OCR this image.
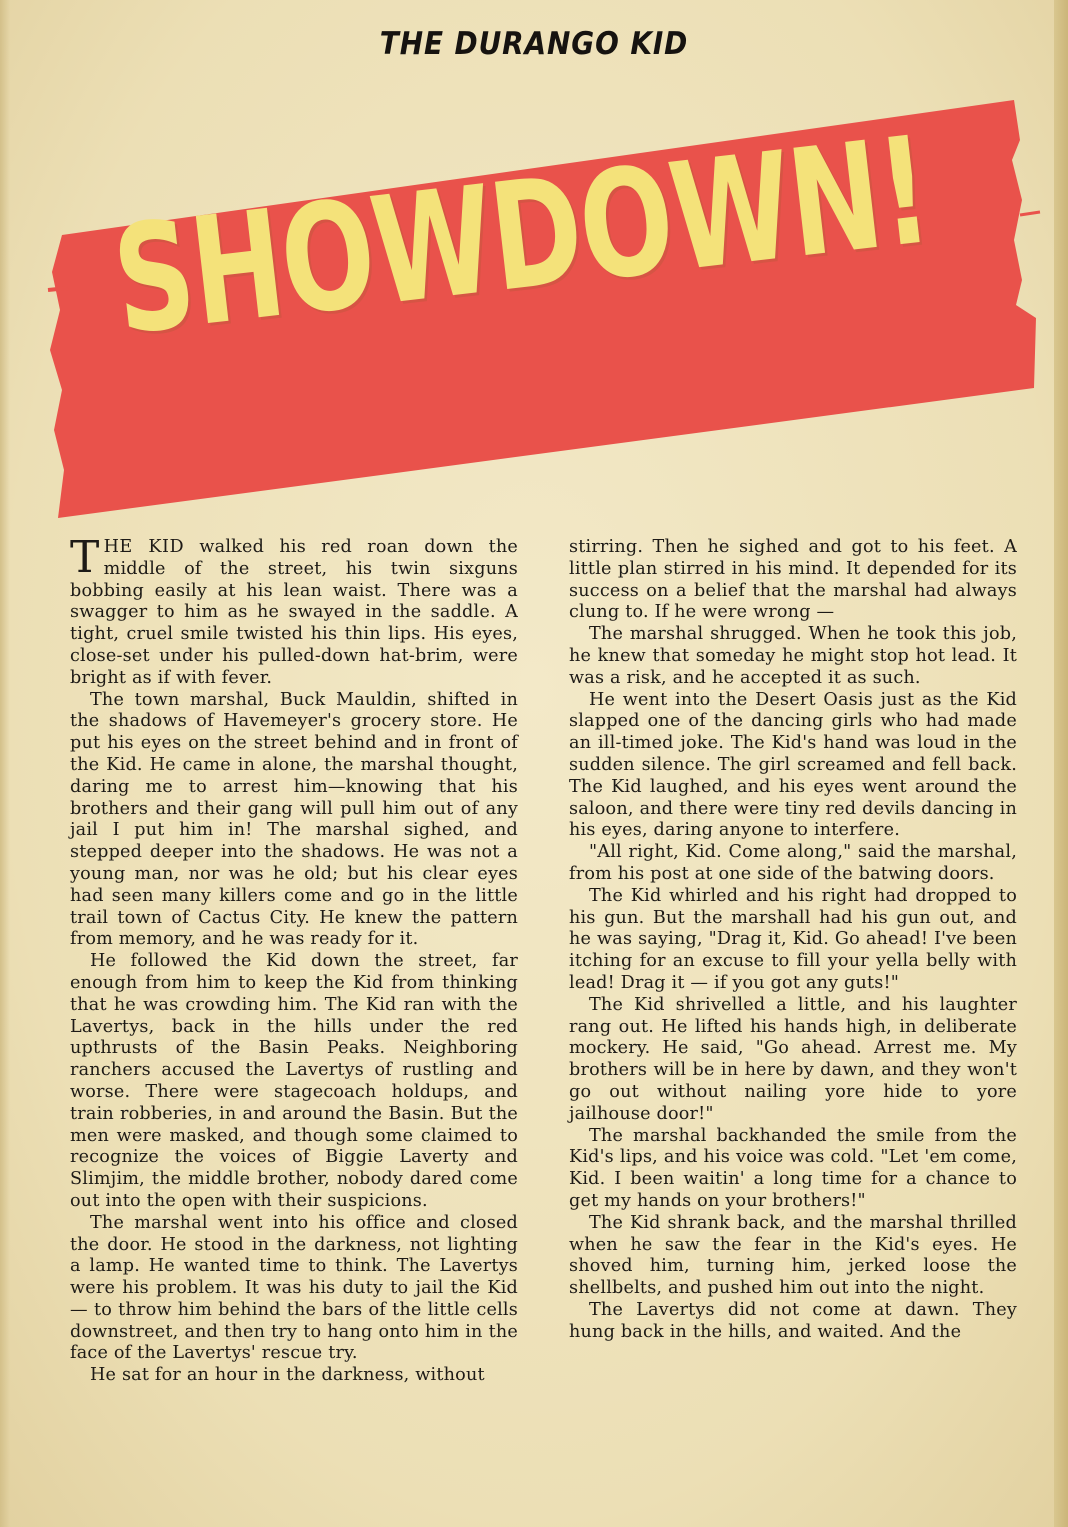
THE DURANGO KID
SHOWDOWN!

THE KID walked his red roan down the middle of the street, his twin sixguns bobbing easily at his lean waist. There was a swagger to him as he swayed in the saddle. A tight, cruel smile twisted his thin lips. His eyes, close-set under his pulled-down hat-brim, were bright as if with fever.

The town marshal, Buck Mauldin, shifted in the shadows of Havemeyer's grocery store. He put his eyes on the street behind and in front of the Kid. He came in alone, the marshal thought, daring me to arrest him—knowing that his brothers and their gang will pull him out of any jail I put him in! The marshal sighed, and stepped deeper into the shadows. He was not a young man, nor was he old; but his clear eyes had seen many killers come and go in the little trail town of Cactus City. He knew the pattern from memory, and he was ready for it.

He followed the Kid down the street, far enough from him to keep the Kid from thinking that he was crowding him. The Kid ran with the Lavertys, back in the hills under the red upthrusts of the Basin Peaks. Neighboring ranchers accused the Lavertys of rustling and worse. There were stagecoach holdups, and train robberies, in and around the Basin. But the men were masked, and though some claimed to recognize the voices of Biggie Laverty and Slimjim, the middle brother, nobody dared come out into the open with their suspicions.

The marshal went into his office and closed the door. He stood in the darkness, not lighting a lamp. He wanted time to think. The Lavertys were his problem. It was his duty to jail the Kid — to throw him behind the bars of the little cells downstreet, and then try to hang onto him in the face of the Lavertys' rescue try.

He sat for an hour in the darkness, without

stirring. Then he sighed and got to his feet. A little plan stirred in his mind. It depended for its success on a belief that the marshal had always clung to. If he were wrong —

The marshal shrugged. When he took this job, he knew that someday he might stop hot lead. It was a risk, and he accepted it as such.

He went into the Desert Oasis just as the Kid slapped one of the dancing girls who had made an ill-timed joke. The Kid's hand was loud in the sudden silence. The girl screamed and fell back. The Kid laughed, and his eyes went around the saloon, and there were tiny red devils dancing in his eyes, daring anyone to interfere.

"All right, Kid. Come along," said the marshal, from his post at one side of the batwing doors.

The Kid whirled and his right had dropped to his gun. But the marshall had his gun out, and he was saying, "Drag it, Kid. Go ahead! I've been itching for an excuse to fill your yella belly with lead! Drag it — if you got any guts!"

The Kid shrivelled a little, and his laughter rang out. He lifted his hands high, in deliberate mockery. He said, "Go ahead. Arrest me. My brothers will be in here by dawn, and they won't go out without nailing yore hide to yore jailhouse door!"

The marshal backhanded the smile from the Kid's lips, and his voice was cold. "Let 'em come, Kid. I been waitin' a long time for a chance to get my hands on your brothers!"

The Kid shrank back, and the marshal thrilled when he saw the fear in the Kid's eyes. He shoved him, turning him, jerked loose the shellbelts, and pushed him out into the night.

The Lavertys did not come at dawn. They hung back in the hills, and waited. And the
